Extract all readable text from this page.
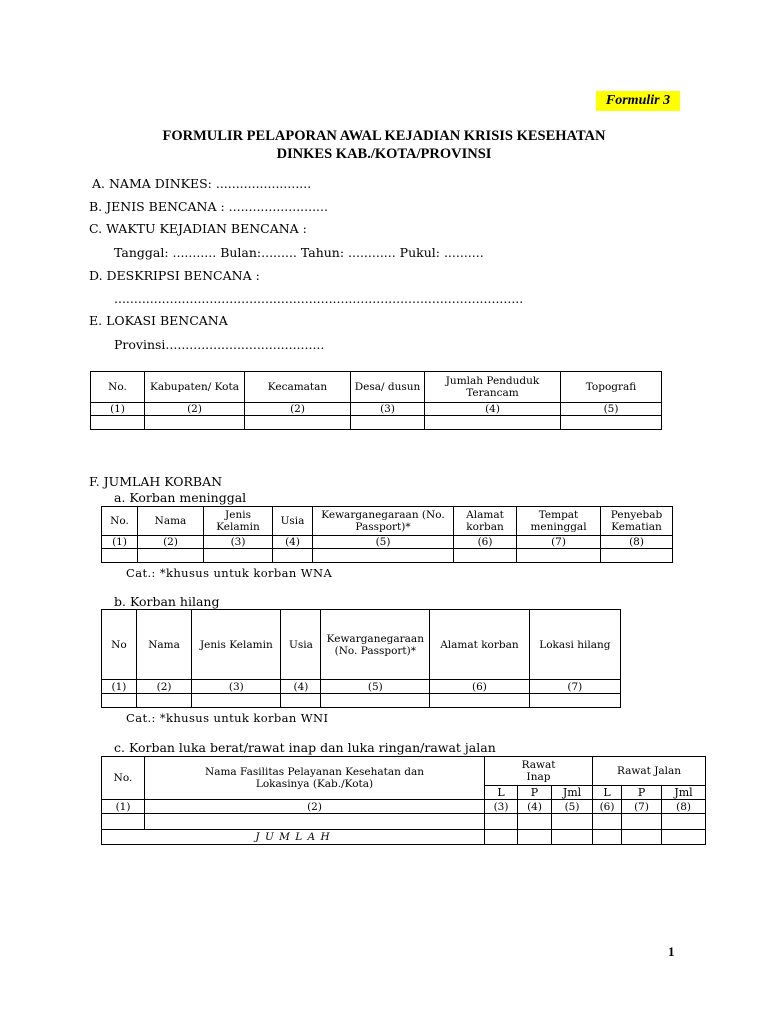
Formulir 3
FORMULIR PELAPORAN AWAL KEJADIAN KRISIS KESEHATAN
DINKES KAB./KOTA/PROVINSI
A. NAMA DINKES: ........................
B. JENIS BENCANA : .........................
C. WAKTU KEJADIAN BENCANA :
Tanggal: ........... Bulan:......... Tahun: ............ Pukul: ..........
D. DESKRIPSI BENCANA :
.......................................................................................................
E. LOKASI BENCANA
Provinsi........................................
No.	Kabupaten/ Kota	Kecamatan	Desa/ dusun	Jumlah Penduduk Terancam	Topografi
(1)	(2)	(2)	(3)	(4)	(5)

F. JUMLAH KORBAN
a. Korban meninggal
No.	Nama	Jenis Kelamin	Usia	Kewarganegaraan (No. Passport)*	Alamat korban	Tempat meninggal	Penyebab Kematian
(1)	(2)	(3)	(4)	(5)	(6)	(7)	(8)

Cat.: *khusus untuk korban WNA
b. Korban hilang
No	Nama	Jenis Kelamin	Usia	Kewarganegaraan (No. Passport)*	Alamat korban	Lokasi hilang
(1)	(2)	(3)	(4)	(5)	(6)	(7)

Cat.: *khusus untuk korban WNI
c. Korban luka berat/rawat inap dan luka ringan/rawat jalan
No.	Nama Fasilitas Pelayanan Kesehatan dan Lokasinya (Kab./Kota)	Rawat Inap			Rawat Jalan		
		L	P	Jml	L	P	Jml
(1)	(2)	(3)	(4)	(5)	(6)	(7)	(8)

J U M L A H							
1
